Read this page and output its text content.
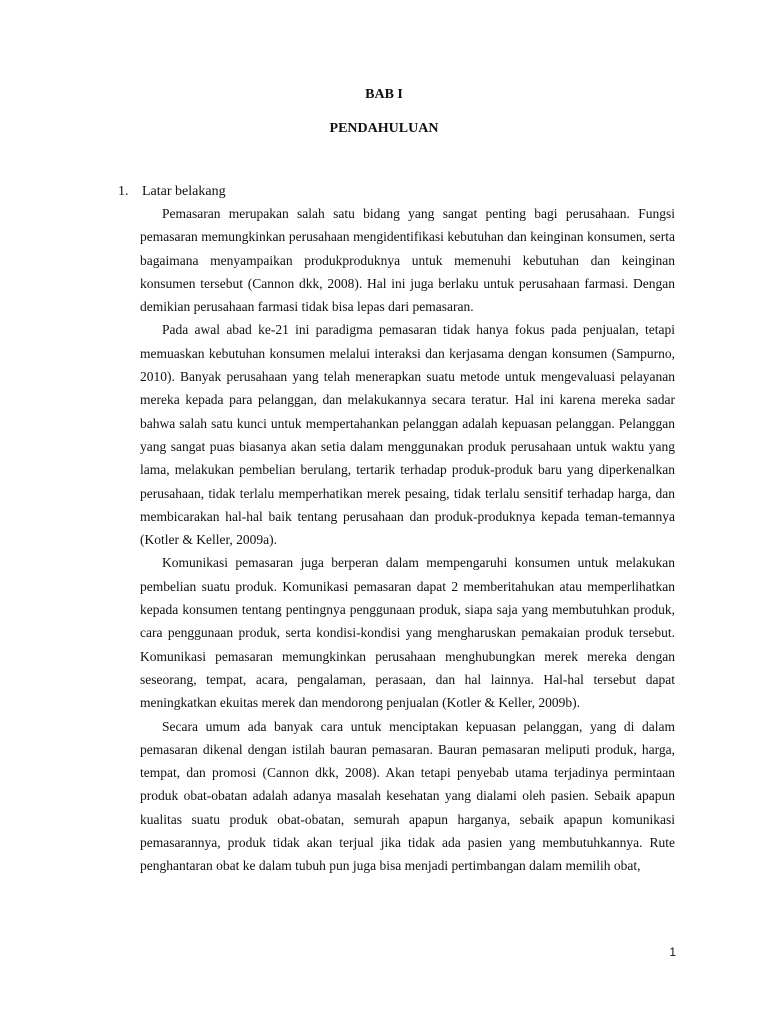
BAB I
PENDAHULUAN
1. Latar belakang

Pemasaran merupakan salah satu bidang yang sangat penting bagi perusahaan. Fungsi pemasaran memungkinkan perusahaan mengidentifikasi kebutuhan dan keinginan konsumen, serta bagaimana menyampaikan produkproduknya untuk memenuhi kebutuhan dan keinginan konsumen tersebut (Cannon dkk, 2008). Hal ini juga berlaku untuk perusahaan farmasi. Dengan demikian perusahaan farmasi tidak bisa lepas dari pemasaran.

Pada awal abad ke-21 ini paradigma pemasaran tidak hanya fokus pada penjualan, tetapi memuaskan kebutuhan konsumen melalui interaksi dan kerjasama dengan konsumen (Sampurno, 2010). Banyak perusahaan yang telah menerapkan suatu metode untuk mengevaluasi pelayanan mereka kepada para pelanggan, dan melakukannya secara teratur. Hal ini karena mereka sadar bahwa salah satu kunci untuk mempertahankan pelanggan adalah kepuasan pelanggan. Pelanggan yang sangat puas biasanya akan setia dalam menggunakan produk perusahaan untuk waktu yang lama, melakukan pembelian berulang, tertarik terhadap produk-produk baru yang diperkenalkan perusahaan, tidak terlalu memperhatikan merek pesaing, tidak terlalu sensitif terhadap harga, dan membicarakan hal-hal baik tentang perusahaan dan produk-produknya kepada teman-temannya (Kotler & Keller, 2009a).

Komunikasi pemasaran juga berperan dalam mempengaruhi konsumen untuk melakukan pembelian suatu produk. Komunikasi pemasaran dapat 2 memberitahukan atau memperlihatkan kepada konsumen tentang pentingnya penggunaan produk, siapa saja yang membutuhkan produk, cara penggunaan produk, serta kondisi-kondisi yang mengharuskan pemakaian produk tersebut. Komunikasi pemasaran memungkinkan perusahaan menghubungkan merek mereka dengan seseorang, tempat, acara, pengalaman, perasaan, dan hal lainnya. Hal-hal tersebut dapat meningkatkan ekuitas merek dan mendorong penjualan (Kotler & Keller, 2009b).

Secara umum ada banyak cara untuk menciptakan kepuasan pelanggan, yang di dalam pemasaran dikenal dengan istilah bauran pemasaran. Bauran pemasaran meliputi produk, harga, tempat, dan promosi (Cannon dkk, 2008). Akan tetapi penyebab utama terjadinya permintaan produk obat-obatan adalah adanya masalah kesehatan yang dialami oleh pasien. Sebaik apapun kualitas suatu produk obat-obatan, semurah apapun harganya, sebaik apapun komunikasi pemasarannya, produk tidak akan terjual jika tidak ada pasien yang membutuhkannya. Rute penghantaran obat ke dalam tubuh pun juga bisa menjadi pertimbangan dalam memilih obat,

1
